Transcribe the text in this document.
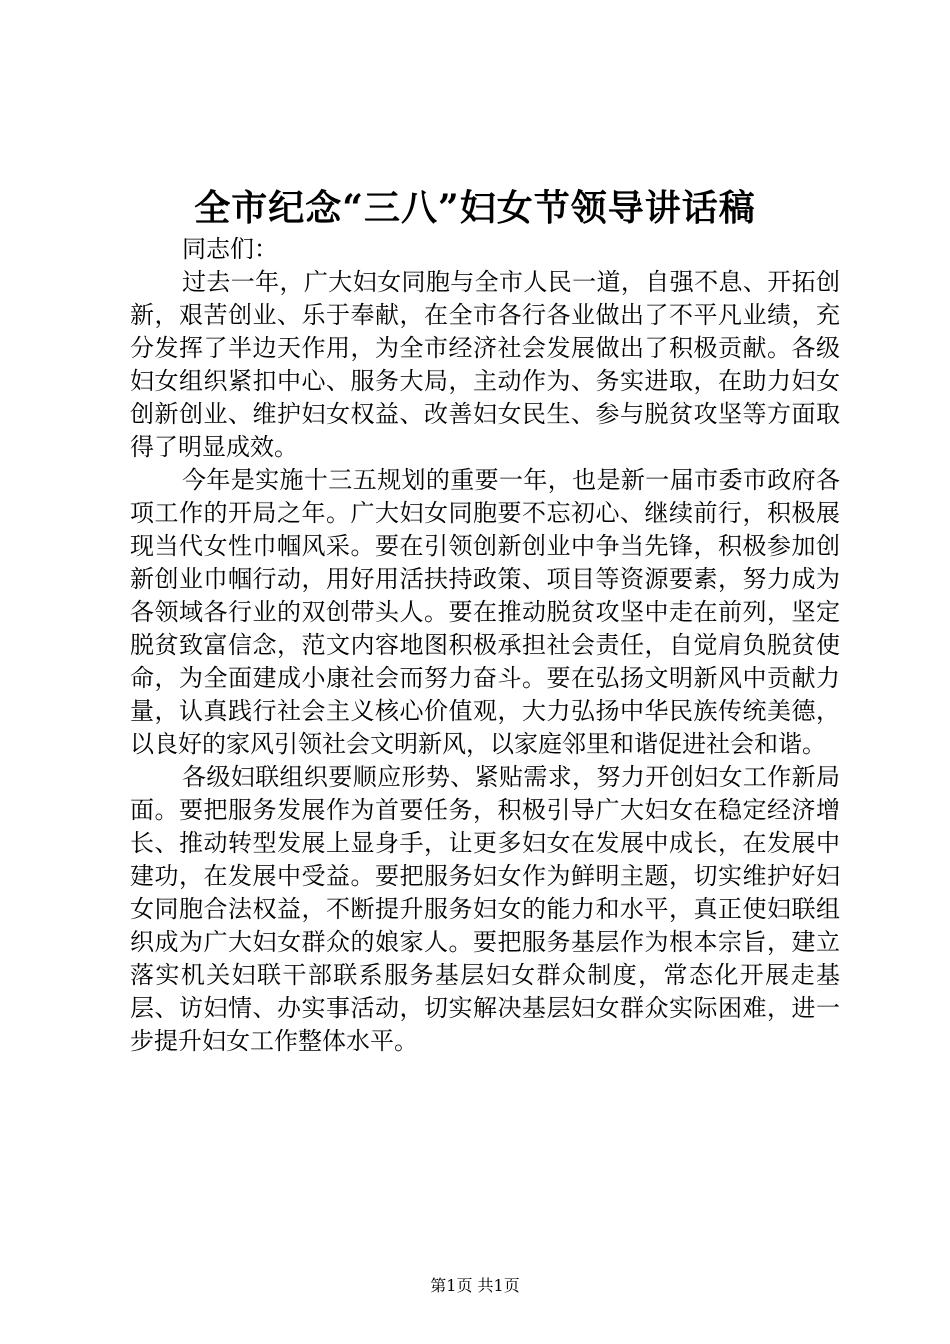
全市纪念“三八”妇女节领导讲话稿

同志们：

过去一年，广大妇女同胞与全市人民一道，自强不息、开拓创新，艰苦创业、乐于奉献，在全市各行各业做出了不平凡业绩，充分发挥了半边天作用，为全市经济社会发展做出了积极贡献。各级妇女组织紧扣中心、服务大局，主动作为、务实进取，在助力妇女创新创业、维护妇女权益、改善妇女民生、参与脱贫攻坚等方面取得了明显成效。

今年是实施十三五规划的重要一年，也是新一届市委市政府各项工作的开局之年。广大妇女同胞要不忘初心、继续前行，积极展现当代女性巾帼风采。要在引领创新创业中争当先锋，积极参加创新创业巾帼行动，用好用活扶持政策、项目等资源要素，努力成为各领域各行业的双创带头人。要在推动脱贫攻坚中走在前列，坚定脱贫致富信念，范文内容地图积极承担社会责任，自觉肩负脱贫使命，为全面建成小康社会而努力奋斗。要在弘扬文明新风中贡献力量，认真践行社会主义核心价值观，大力弘扬中华民族传统美德，以良好的家风引领社会文明新风，以家庭邻里和谐促进社会和谐。

各级妇联组织要顺应形势、紧贴需求，努力开创妇女工作新局面。要把服务发展作为首要任务，积极引导广大妇女在稳定经济增长、推动转型发展上显身手，让更多妇女在发展中成长，在发展中建功，在发展中受益。要把服务妇女作为鲜明主题，切实维护好妇女同胞合法权益，不断提升服务妇女的能力和水平，真正使妇联组织成为广大妇女群众的娘家人。要把服务基层作为根本宗旨，建立落实机关妇联干部联系服务基层妇女群众制度，常态化开展走基层、访妇情、办实事活动，切实解决基层妇女群众实际困难，进一步提升妇女工作整体水平。

第1页 共1页
